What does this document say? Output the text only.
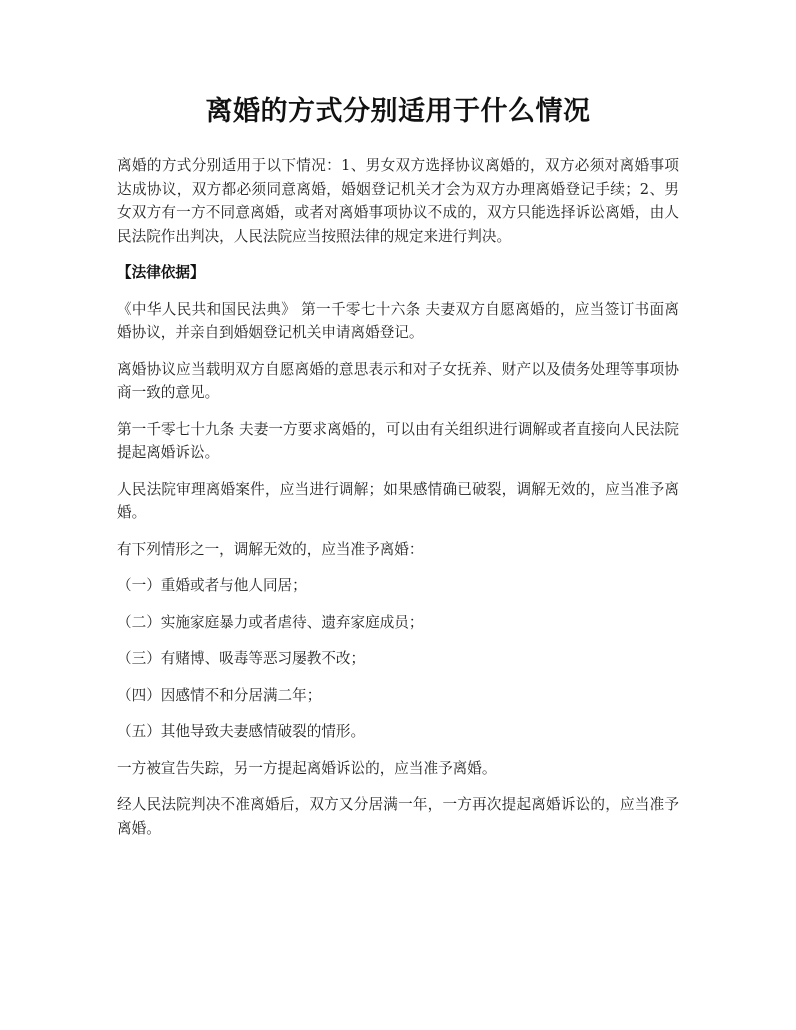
离婚的方式分别适用于什么情况

离婚的方式分别适用于以下情况：1、男女双方选择协议离婚的，双方必须对离婚事项达成协议，双方都必须同意离婚，婚姻登记机关才会为双方办理离婚登记手续；2、男女双方有一方不同意离婚，或者对离婚事项协议不成的，双方只能选择诉讼离婚，由人民法院作出判决，人民法院应当按照法律的规定来进行判决。

【法律依据】

《中华人民共和国民法典》 第一千零七十六条 夫妻双方自愿离婚的，应当签订书面离婚协议，并亲自到婚姻登记机关申请离婚登记。

离婚协议应当载明双方自愿离婚的意思表示和对子女抚养、财产以及债务处理等事项协商一致的意见。

第一千零七十九条 夫妻一方要求离婚的，可以由有关组织进行调解或者直接向人民法院提起离婚诉讼。

人民法院审理离婚案件，应当进行调解；如果感情确已破裂，调解无效的，应当准予离婚。

有下列情形之一，调解无效的，应当准予离婚：

（一）重婚或者与他人同居；

（二）实施家庭暴力或者虐待、遗弃家庭成员；

（三）有赌博、吸毒等恶习屡教不改；

（四）因感情不和分居满二年；

（五）其他导致夫妻感情破裂的情形。

一方被宣告失踪，另一方提起离婚诉讼的，应当准予离婚。

经人民法院判决不准离婚后，双方又分居满一年，一方再次提起离婚诉讼的，应当准予离婚。
